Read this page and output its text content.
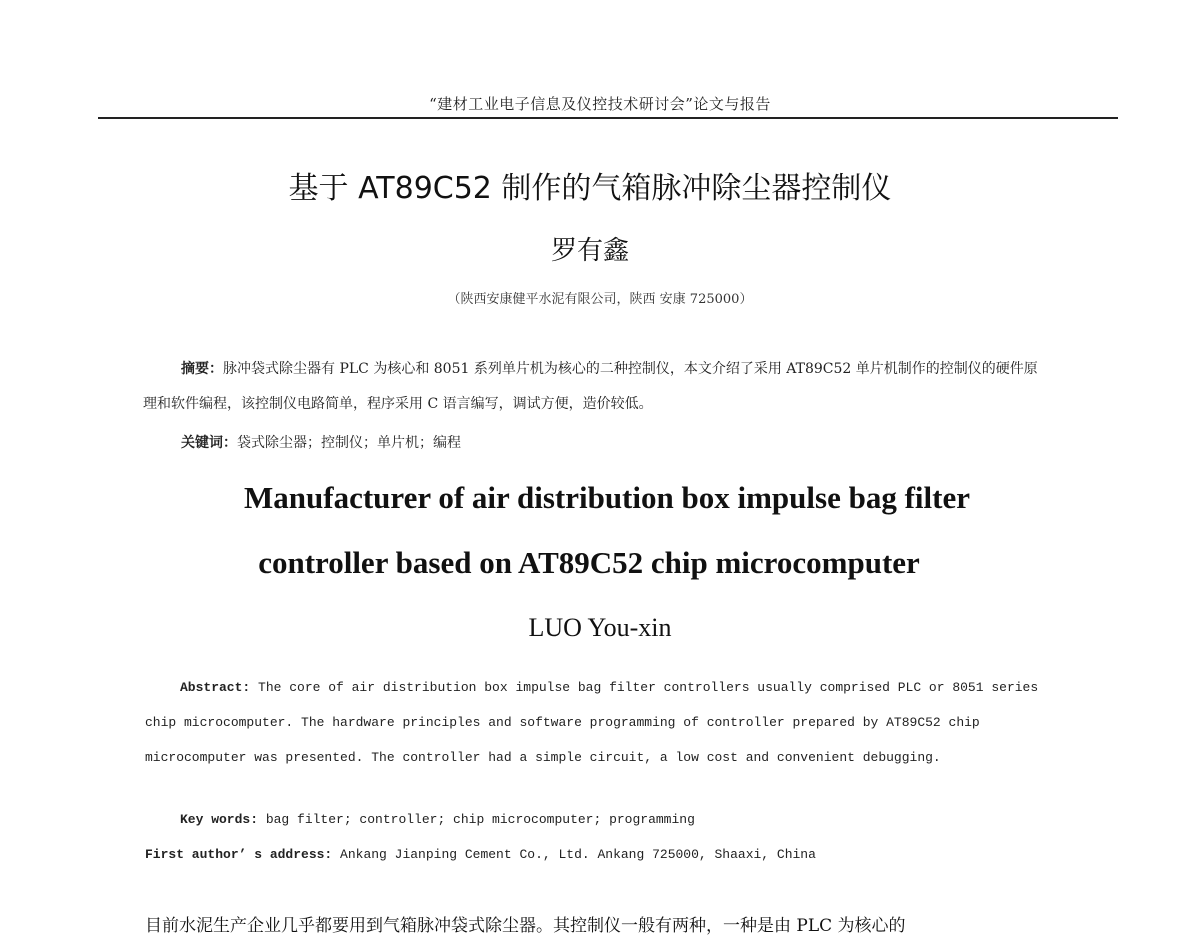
“建材工业电子信息及仪控技术研讨会”论文与报告
基于 AT89C52 制作的气箱脉冲除尘器控制仪
罗有鑫
（陕西安康健平水泥有限公司，陕西 安康 725000）
摘要：脉冲袋式除尘器有 PLC 为核心和 8051 系列单片机为核心的二种控制仪，本文介绍了采用 AT89C52 单片机制作的控制仪的硬件原理和软件编程，该控制仪电路简单，程序采用 C 语言编写，调试方便，造价较低。
关键词：袋式除尘器；控制仪；单片机；编程
Manufacturer of air distribution box impulse bag filter
controller based on AT89C52 chip microcomputer
LUO You-xin
Abstract: The core of air distribution box impulse bag filter controllers usually comprised PLC or 8051 series chip microcomputer. The hardware principles and software programming of controller prepared by AT89C52 chip microcomputer was presented. The controller had a simple circuit, a low cost and convenient debugging.
Key words: bag filter; controller; chip microcomputer; programming
First author’ s address: Ankang Jianping Cement Co., Ltd. Ankang 725000, Shaaxi, China
目前水泥生产企业几乎都要用到气箱脉冲袋式除尘器。其控制仪一般有两种，一种是由 PLC 为核心的
